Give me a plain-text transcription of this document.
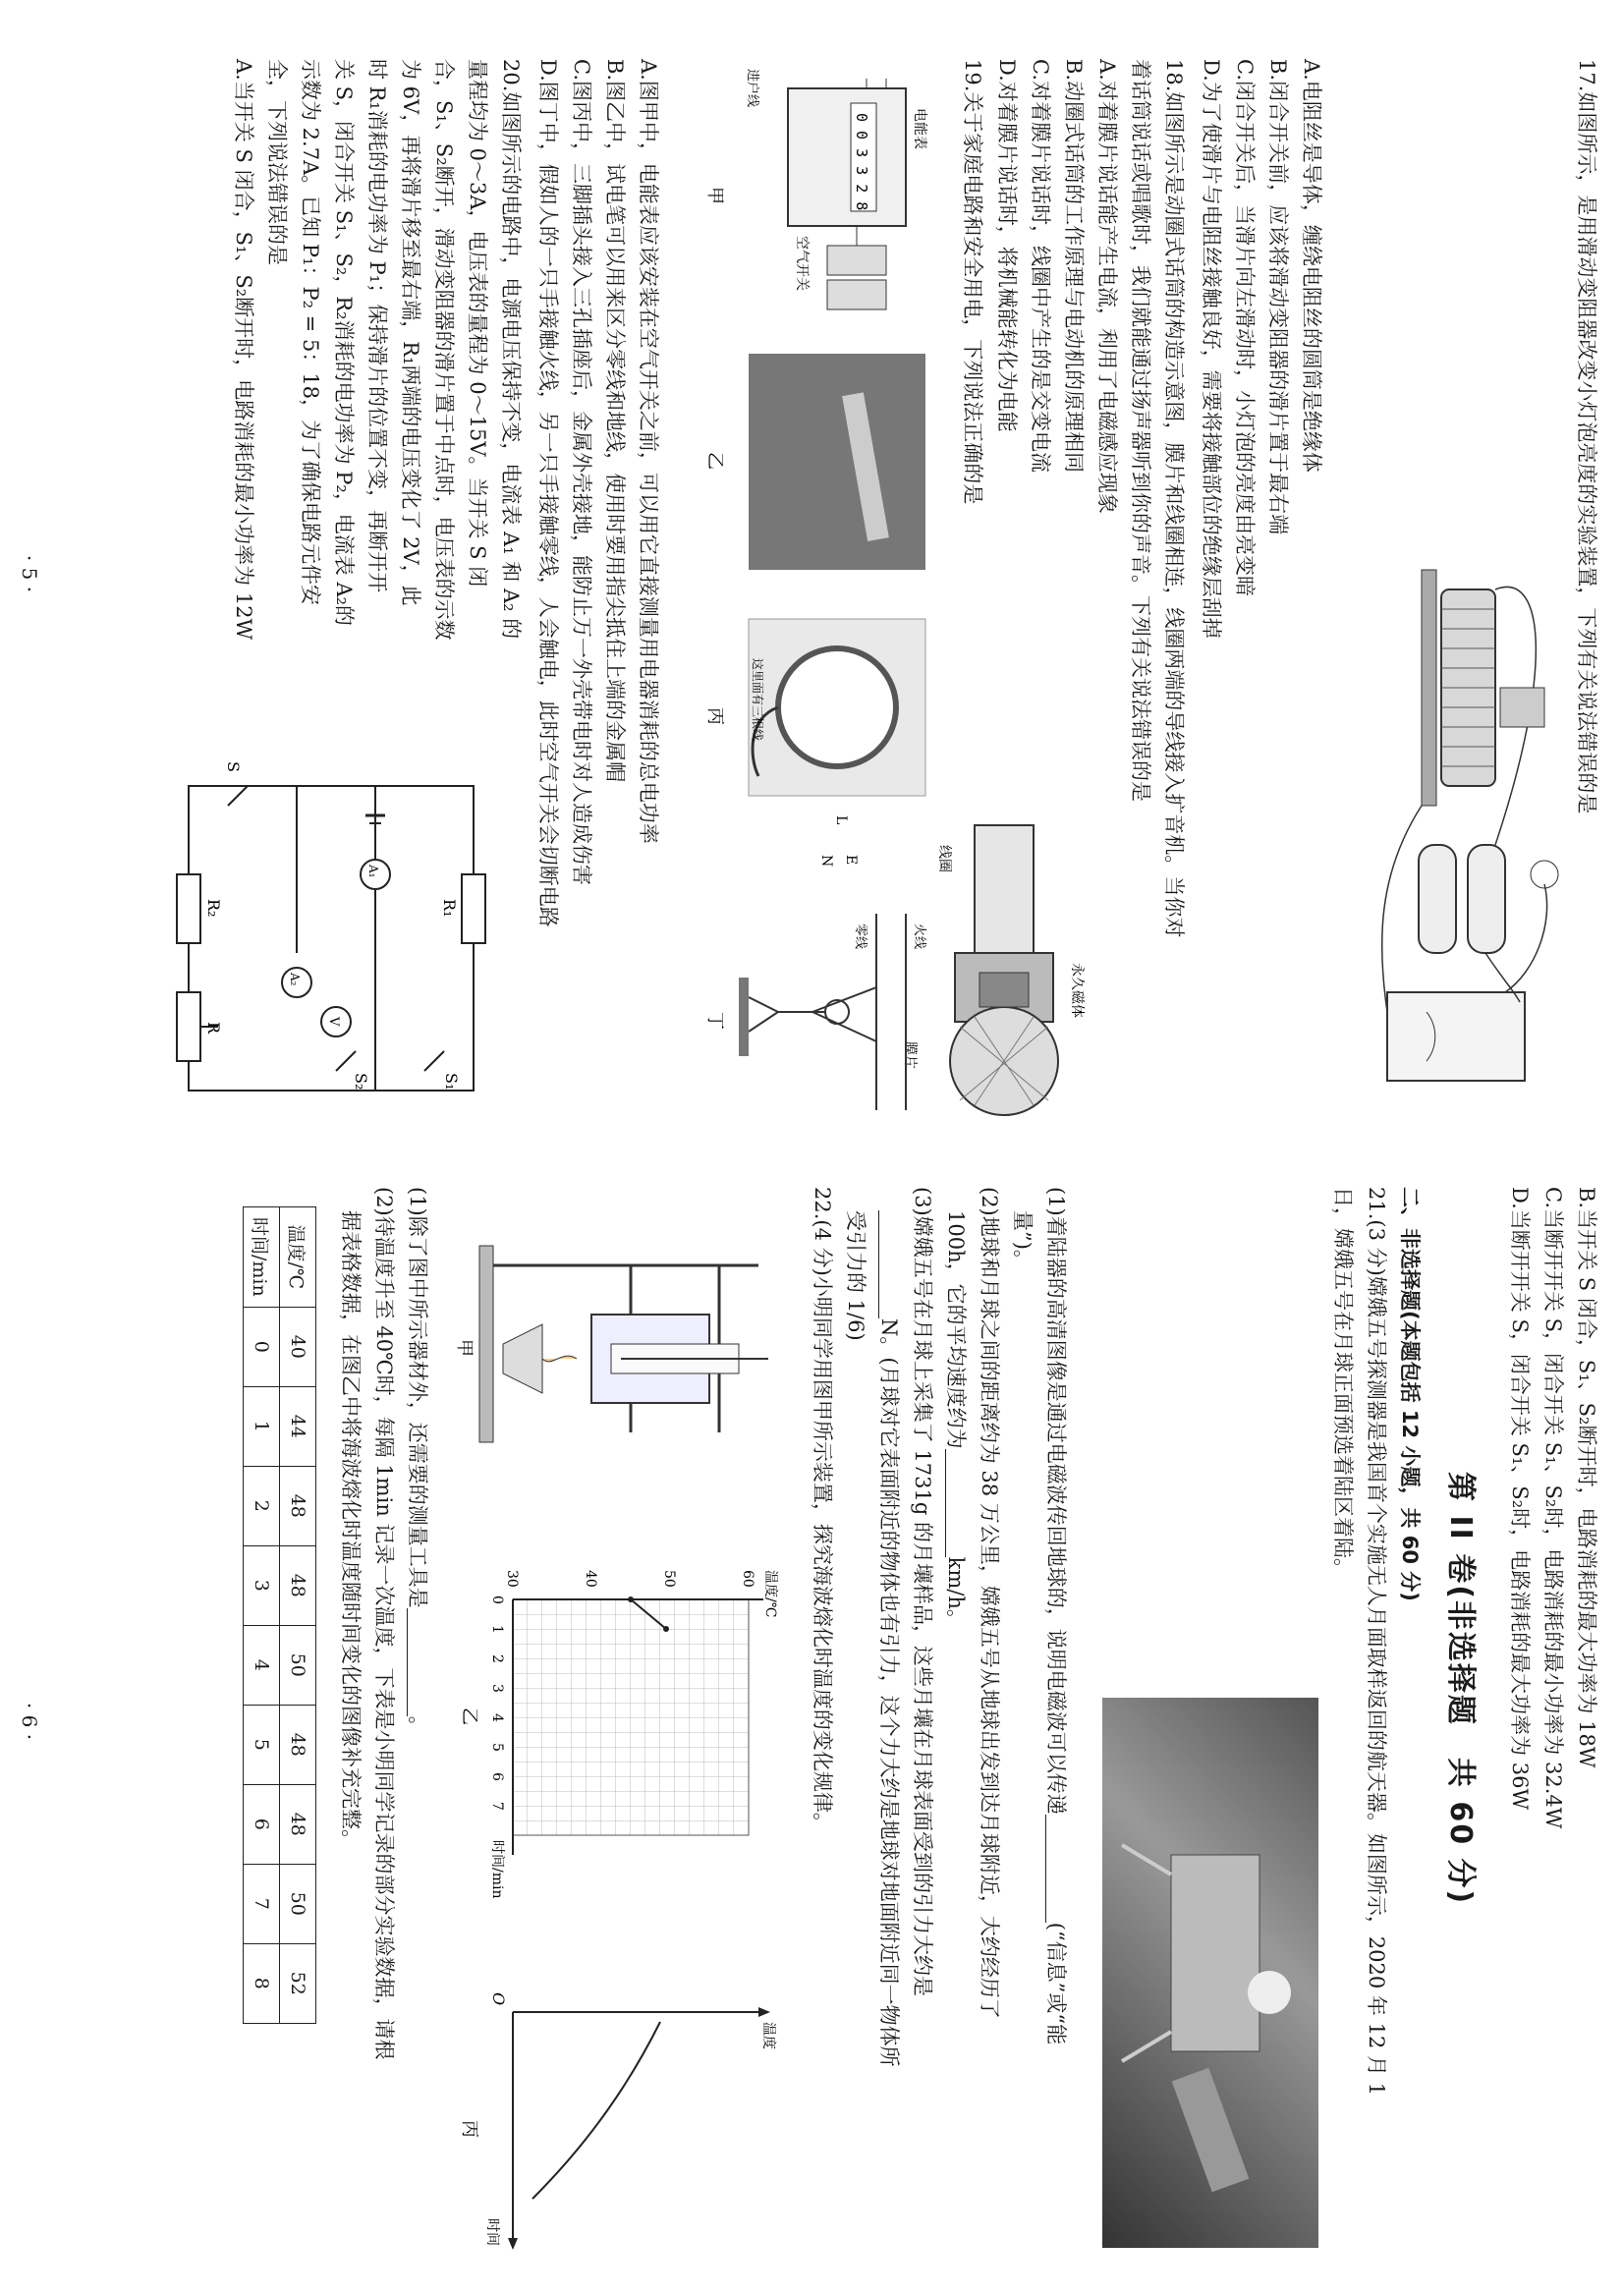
17.如图所示，是用滑动变阻器改变小灯泡亮度的实验装置，下列有关说法错误的是

A.电阻丝是导体，缠绕电阻丝的圆筒是绝缘体

B.闭合开关前，应该将滑动变阻器的滑片置于最右端

C.闭合开关后，当滑片向左滑动时，小灯泡的亮度由亮变暗

D.为了使滑片与电阻丝接触良好，需要将接触部位的绝缘层刮掉

18.如图所示是动圈式话筒的构造示意图，膜片和线圈相连，线圈两端的导线接入扩音机。当你对

着话筒说话或唱歌时，我们就能通过扬声器听到你的声音。下列有关说法错误的是

A.对着膜片说话能产生电流，利用了电磁感应现象

B.动圈式话筒的工作原理与电动机的原理相同

C.对着膜片说话时，线圈中产生的是交变电流

D.对着膜片说话时，将机械能转化为电能

永久磁体
线圈
膜片

19.关于家庭电路和安全用电，下列说法正确的是

0 0 3 3 2 8	电能表
进户线
空气开关
甲
乙
这里面有三根线
L
E
N
丙
火线
零线
丁

A.图甲中，电能表应该安装在空气开关之前，可以用它直接测量用电器消耗的总电功率

B.图乙中，试电笔可以用来区分零线和地线，使用时要用指尖抵住上端的金属帽

C.图丙中，三脚插头接入三孔插座后，金属外壳接地，能防止万一外壳带电时对人造成伤害

D.图丁中，假如人的一只手接触火线，另一只手接触零线，人会触电，此时空气开关会切断电路

20.如图所示的电路中，电源电压保持不变，电流表 A₁ 和 A₂ 的

量程均为 0～3A，电压表的量程为 0～15V。当开关 S 闭

合，S₁、S₂断开，滑动变阻器的滑片置于中点时，电压表的示数

为 6V，再将滑片移至最右端，R₁两端的电压变化了 2V，此

时 R₁消耗的电功率为 P₁；保持滑片的位置不变，再断开开

关 S，闭合开关 S₁、S₂，R₂消耗的电功率为 P₂，电流表 A₂的

示数为 2.7A。已知 P₁：P₂ = 5：18，为了确保电路元件安

全，下列说法错误的是

A.当开关 S 闭合，S₁、S₂断开时，电路消耗的最小功率为 12W

S
S₁
S₂
R₁
R₂
R
A₁
A₂
V
· 5 ·

B.当开关 S 闭合，S₁、S₂断开时，电路消耗的最大功率为 18W

C.当断开开关 S，闭合开关 S₁、S₂时，电路消耗的最小功率为 32.4W

D.当断开开关 S，闭合开关 S₁、S₂时，电路消耗的最大功率为 36W

第 II 卷(非选择题　共 60 分)

二、非选择题(本题包括 12 小题，共 60 分)

21.(3 分)嫦娥五号探测器是我国首个实施无人月面取样返回的航天器。如图所示，2020 年 12 月 1

日，嫦娥五号在月球正面预选着陆区着陆。

(1)着陆器的高清图像是通过电磁波传回地球的，说明电磁波可以传递(“信息”或“能

量”)。

(2)地球和月球之间的距离约为 38 万公里，嫦娥五号从地球出发到达月球附近，大约经历了

100h，它的平均速度约为km/h。

(3)嫦娥五号在月球上采集了 1731g 的月壤样品，这些月壤在月球表面受到的引力大约是

N。(月球对它表面附近的物体也有引力，这个力大约是地球对地面附近同一物体所

受引力的 1/6)

22.(4 分)小明同学用图甲所示装置，探究海波熔化时温度的变化规律。

甲
温度/℃
时间/min
30	40	50	60
0
1
2
3
4
5
6
7
乙
温度
时间
O
丙

(1)除了图中所示器材外，还需要的测量工具是。

(2)待温度升至 40℃时，每隔 1min 记录一次温度，下表是小明同学记录的部分实验数据，请根

据表格数据，在图乙中将海波熔化时温度随时间变化的图像补充完整。

温度/℃	40	44	48	48	50	48	48	50	52
时间/min	0	1	2	3	4	5	6	7	8
· 6 ·
